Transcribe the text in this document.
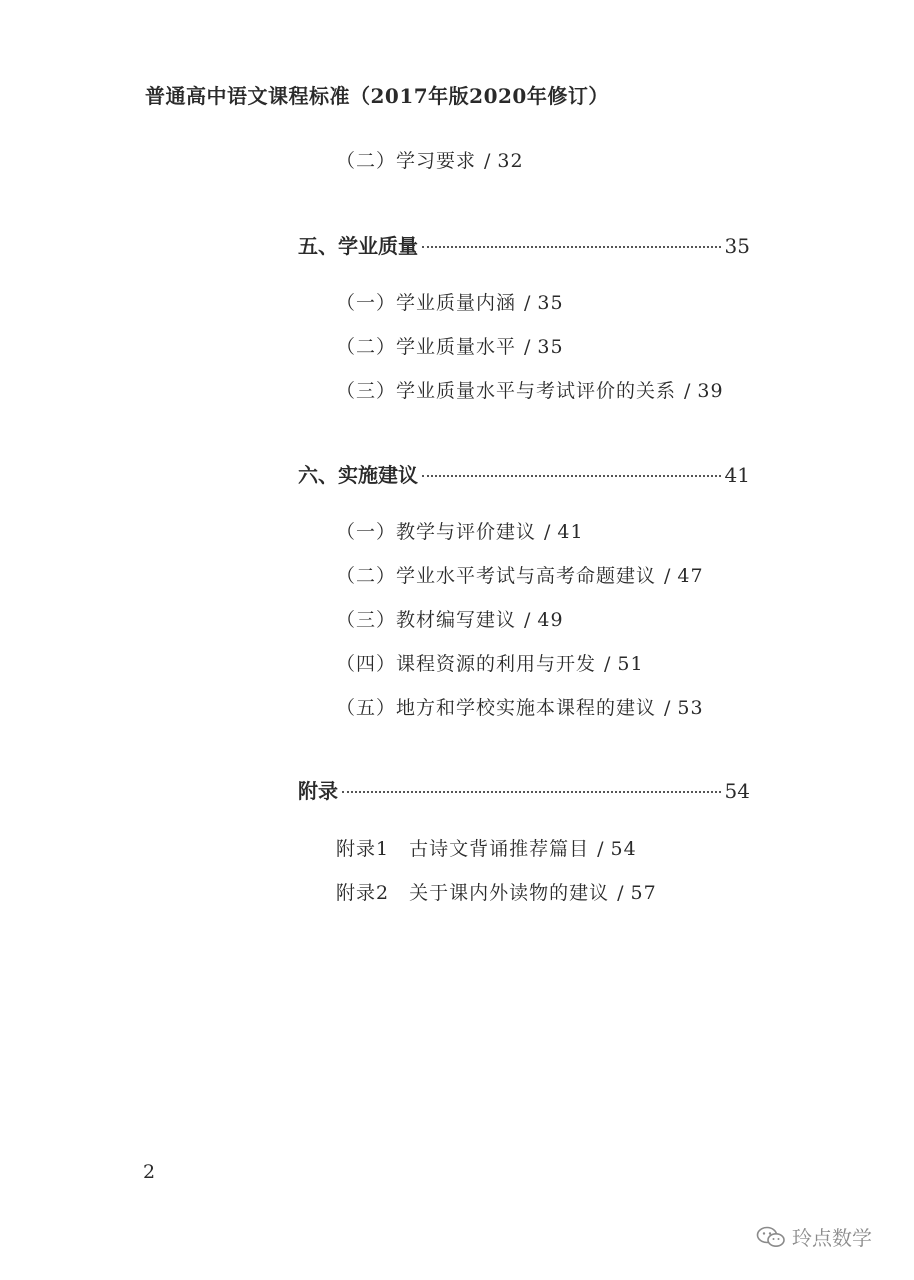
普通高中语文课程标准（2017年版2020年修订）
（二）学习要求 / 32
五、学业质量	35
（一）学业质量内涵 / 35
（二）学业质量水平 / 35
（三）学业质量水平与考试评价的关系 / 39
六、实施建议	41
（一）教学与评价建议 / 41
（二）学业水平考试与高考命题建议 / 47
（三）教材编写建议 / 49
（四）课程资源的利用与开发 / 51
（五）地方和学校实施本课程的建议 / 53
附录	54
附录1　古诗文背诵推荐篇目 / 54
附录2　关于课内外读物的建议 / 57
2
玲点数学
